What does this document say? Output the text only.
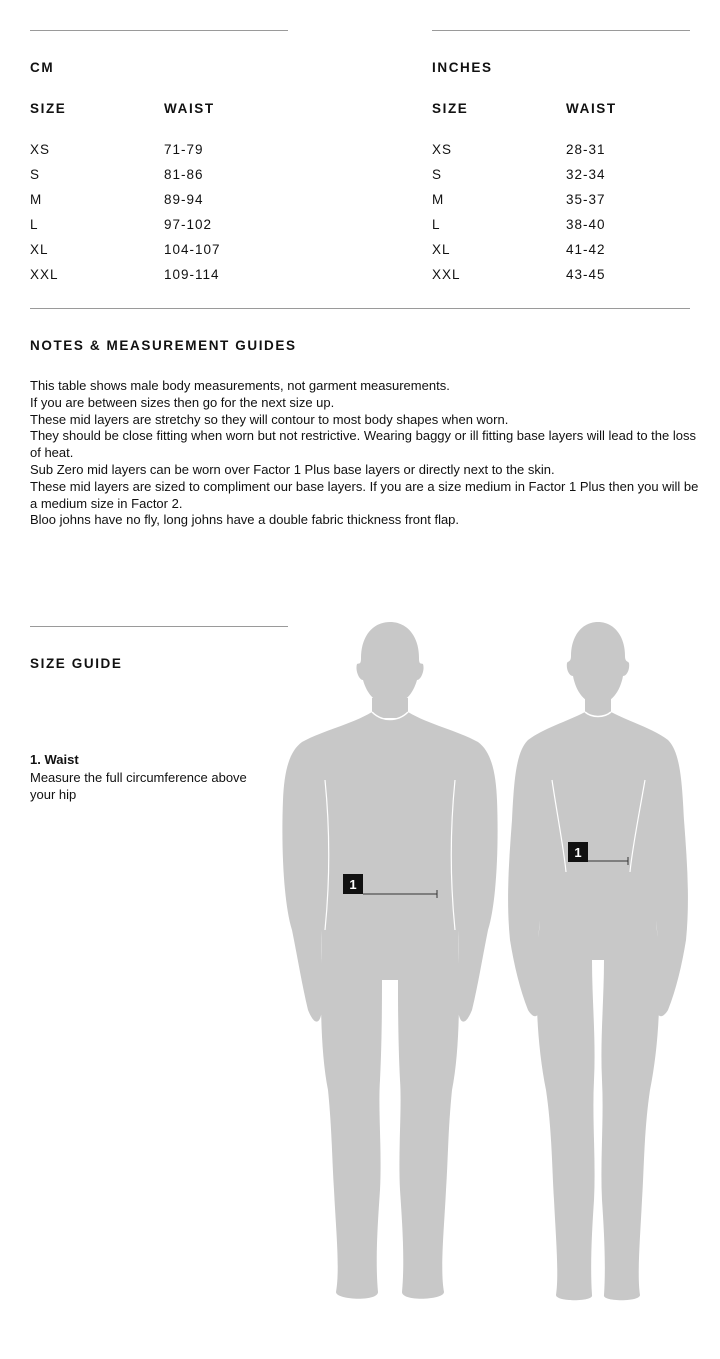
CM
SIZE	WAIST
XS	71-79
S	81-86
M	89-94
L	97-102
XL	104-107
XXL	109-114
INCHES
SIZE	WAIST
XS	28-31
S	32-34
M	35-37
L	38-40
XL	41-42
XXL	43-45
NOTES & MEASUREMENT GUIDES
This table shows male body measurements, not garment measurements.
If you are between sizes then go for the next size up.
These mid layers are stretchy so they will contour to most body shapes when worn.
They should be close fitting when worn but not restrictive. Wearing baggy or ill fitting base layers will lead to the loss of heat.
Sub Zero mid layers can be worn over Factor 1 Plus base layers or directly next to the skin.
These mid layers are sized to compliment our base layers. If you are a size medium in Factor 1 Plus then you will be a medium size in Factor 2.
Bloo johns have no fly, long johns have a double fabric thickness front flap.
SIZE GUIDE
1. Waist
Measure the full circumference above your hip
1
1
